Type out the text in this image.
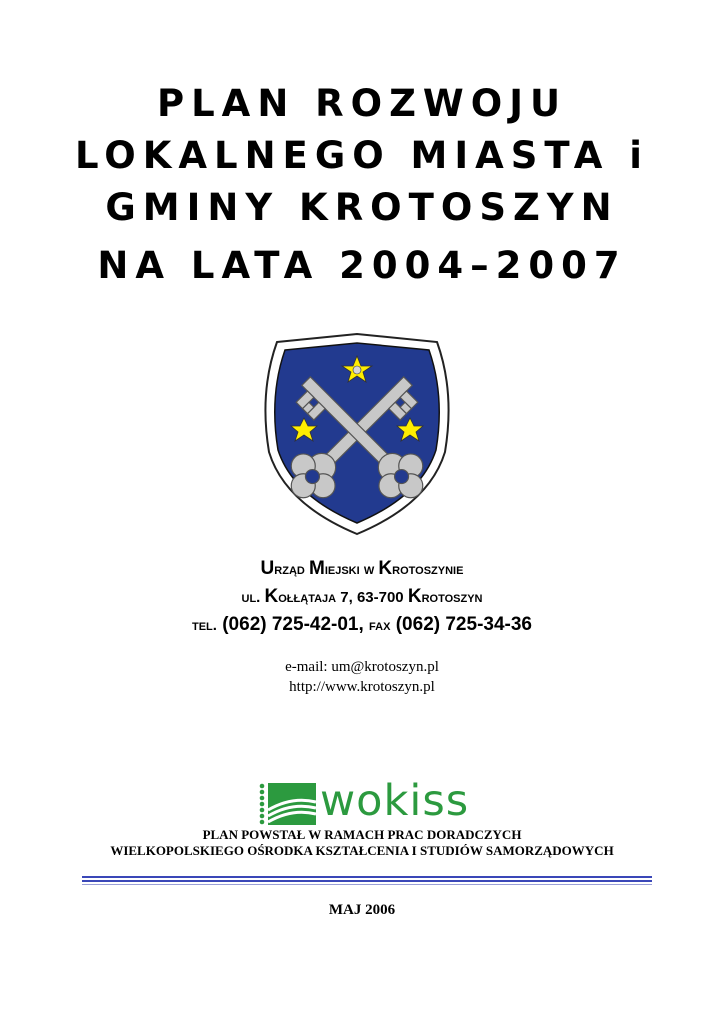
PLAN ROZWOJU
LOKALNEGO MIASTA i
GMINY KROTOSZYN
NA LATA 2004–2007
Urząd Miejski w Krotoszynie
ul. Kołłątaja 7, 63-700 Krotoszyn
tel. (062) 725-42-01, fax (062) 725-34-36
e-mail: um@krotoszyn.pl
http://www.krotoszyn.pl
wokiss
PLAN POWSTAŁ W RAMACH PRAC DORADCZYCH
WIELKOPOLSKIEGO OŚRODKA KSZTAŁCENIA I STUDIÓW SAMORZĄDOWYCH
MAJ 2006
